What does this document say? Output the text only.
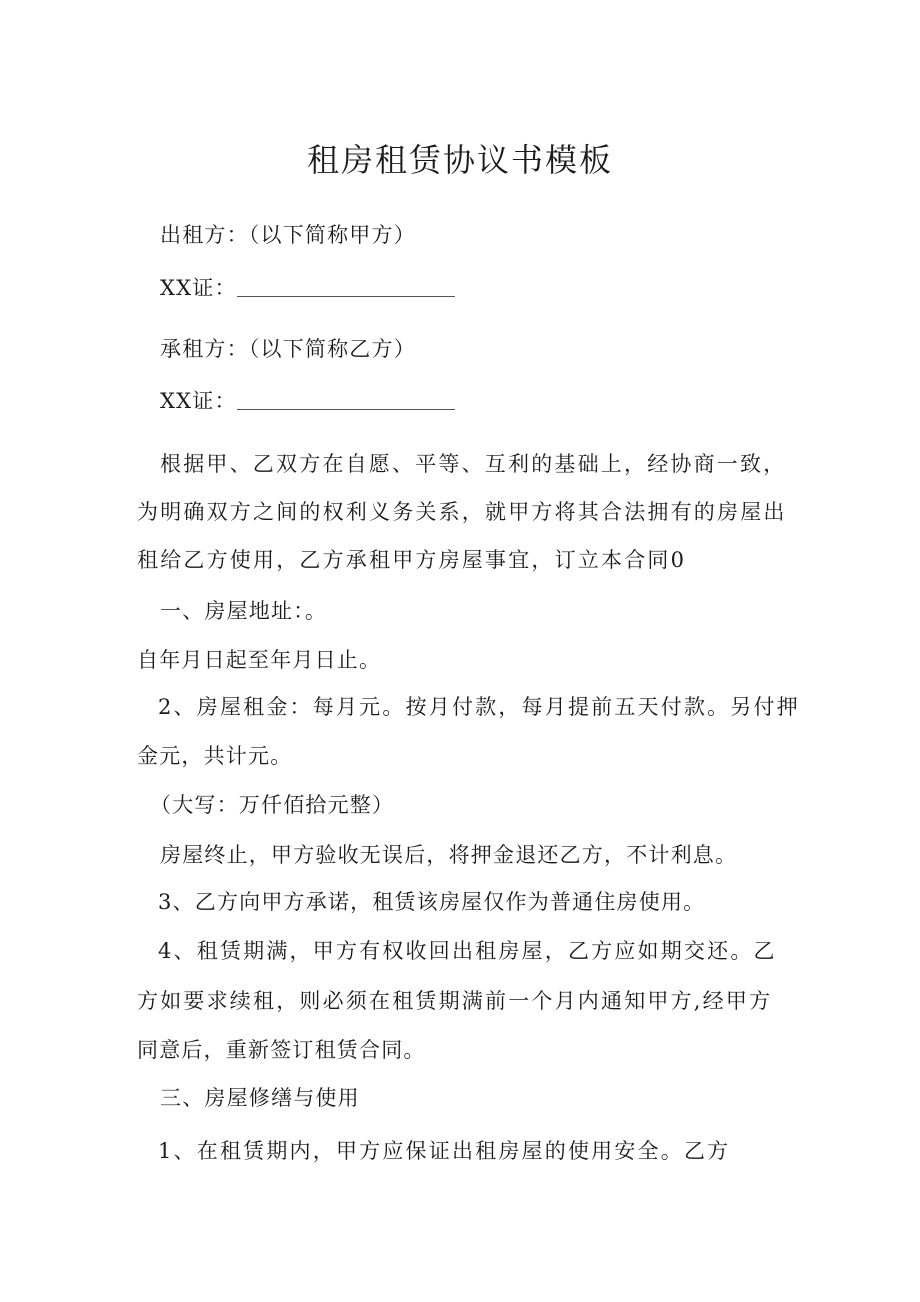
租房租赁协议书模板
出租方：（以下简称甲方）
XX证：
承租方：（以下简称乙方）
XX证：
根据甲、乙双方在自愿、平等、互利的基础上，经协商一致，
为明确双方之间的权利义务关系，就甲方将其合法拥有的房屋出
租给乙方使用，乙方承租甲方房屋事宜，订立本合同0
一、房屋地址：。
自年月日起至年月日止。
2、房屋租金：每月元。按月付款，每月提前五天付款。另付押
金元，共计元。
（大写：万仟佰拾元整）
房屋终止，甲方验收无误后，将押金退还乙方，不计利息。
3、乙方向甲方承诺，租赁该房屋仅作为普通住房使用。
4、租赁期满，甲方有权收回出租房屋，乙方应如期交还。乙
方如要求续租，则必须在租赁期满前一个月内通知甲方,经甲方
同意后，重新签订租赁合同。
三、房屋修缮与使用
1、在租赁期内，甲方应保证出租房屋的使用安全。乙方
